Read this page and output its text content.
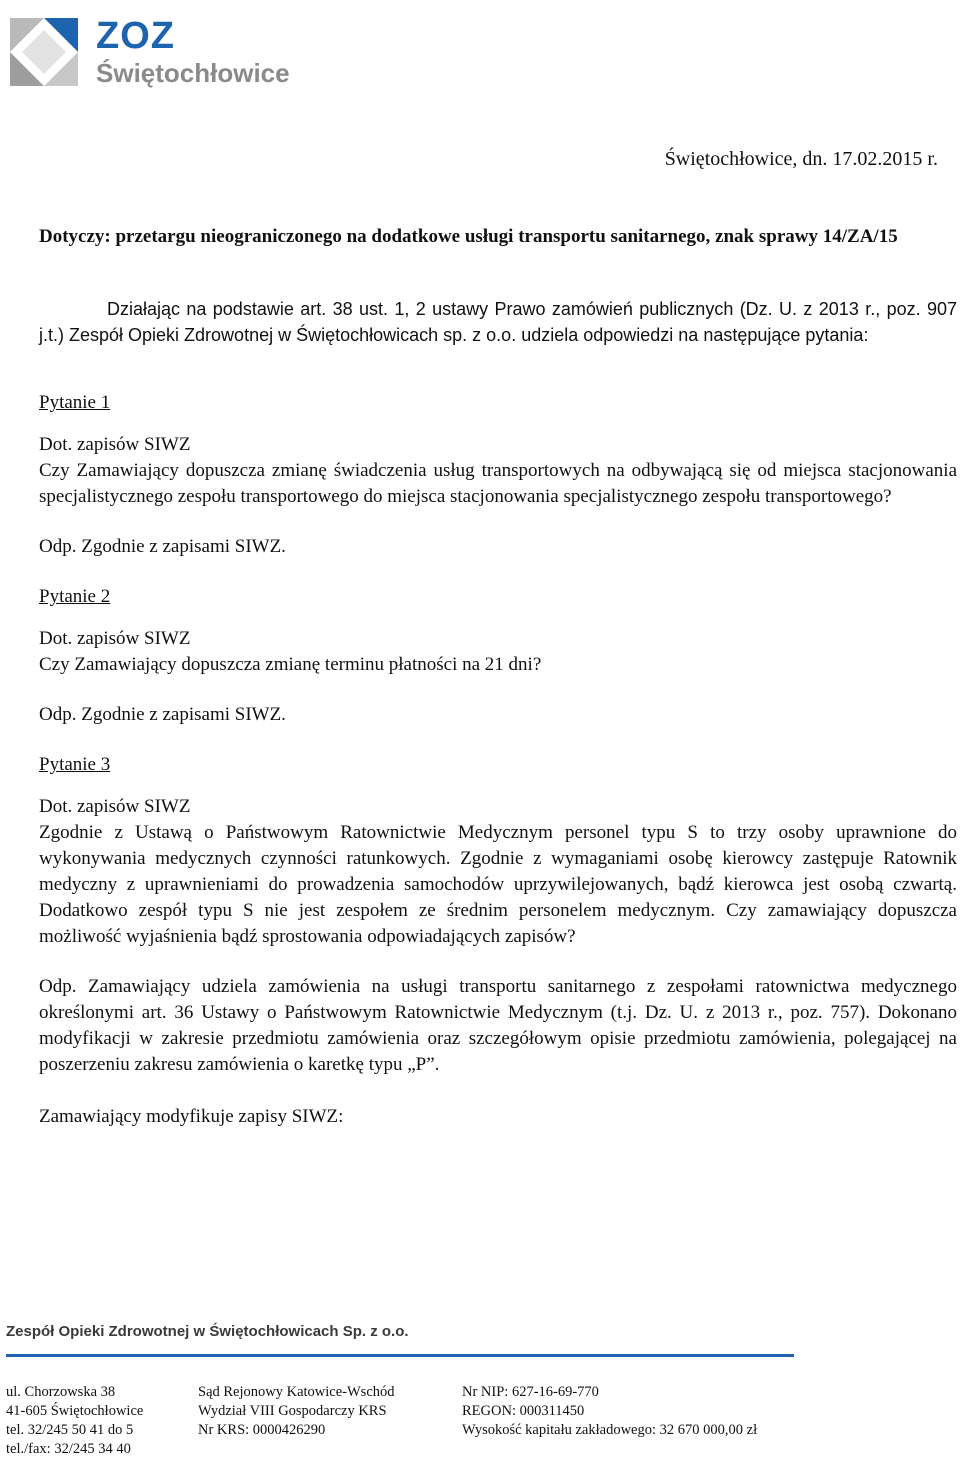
ZOZ
Świętochłowice
Świętochłowice, dn. 17.02.2015 r.
Dotyczy: przetargu nieograniczonego na dodatkowe usługi transportu sanitarnego, znak sprawy 14/ZA/15
Działając na podstawie art. 38 ust. 1, 2 ustawy Prawo zamówień publicznych (Dz. U. z 2013 r., poz. 907 j.t.) Zespół Opieki Zdrowotnej w Świętochłowicach sp. z o.o. udziela odpowiedzi na następujące pytania:
Pytanie 1
Dot. zapisów SIWZ
Czy Zamawiający dopuszcza zmianę świadczenia usług transportowych na odbywającą się od miejsca stacjonowania specjalistycznego zespołu transportowego do miejsca stacjonowania specjalistycznego zespołu transportowego?
Odp. Zgodnie z zapisami SIWZ.
Pytanie 2
Dot. zapisów SIWZ
Czy Zamawiający dopuszcza zmianę terminu płatności na 21 dni?
Odp. Zgodnie z zapisami SIWZ.
Pytanie 3
Dot. zapisów SIWZ
Zgodnie z Ustawą o Państwowym Ratownictwie Medycznym personel typu S to trzy osoby uprawnione do wykonywania medycznych czynności ratunkowych. Zgodnie z wymaganiami osobę kierowcy zastępuje Ratownik medyczny z uprawnieniami do prowadzenia samochodów uprzywilejowanych, bądź kierowca jest osobą czwartą. Dodatkowo zespół typu S nie jest zespołem ze średnim personelem medycznym. Czy zamawiający dopuszcza możliwość wyjaśnienia bądź sprostowania odpowiadających zapisów?
Odp. Zamawiający udziela zamówienia na usługi transportu sanitarnego z zespołami ratownictwa medycznego określonymi art. 36 Ustawy o Państwowym Ratownictwie Medycznym (t.j. Dz. U. z 2013 r., poz. 757). Dokonano modyfikacji w zakresie przedmiotu zamówienia oraz szczegółowym opisie przedmiotu zamówienia, polegającej na poszerzeniu zakresu zamówienia o karetkę typu „P”.
Zamawiający modyfikuje zapisy SIWZ:
Zespół Opieki Zdrowotnej w Świętochłowicach Sp. z o.o.
ul. Chorzowska 38
41-605 Świętochłowice
tel. 32/245 50 41 do 5
tel./fax: 32/245 34 40
Sąd Rejonowy Katowice-Wschód
Wydział VIII Gospodarczy KRS
Nr KRS: 0000426290
Nr NIP: 627-16-69-770
REGON: 000311450
Wysokość kapitału zakładowego: 32 670 000,00 zł
